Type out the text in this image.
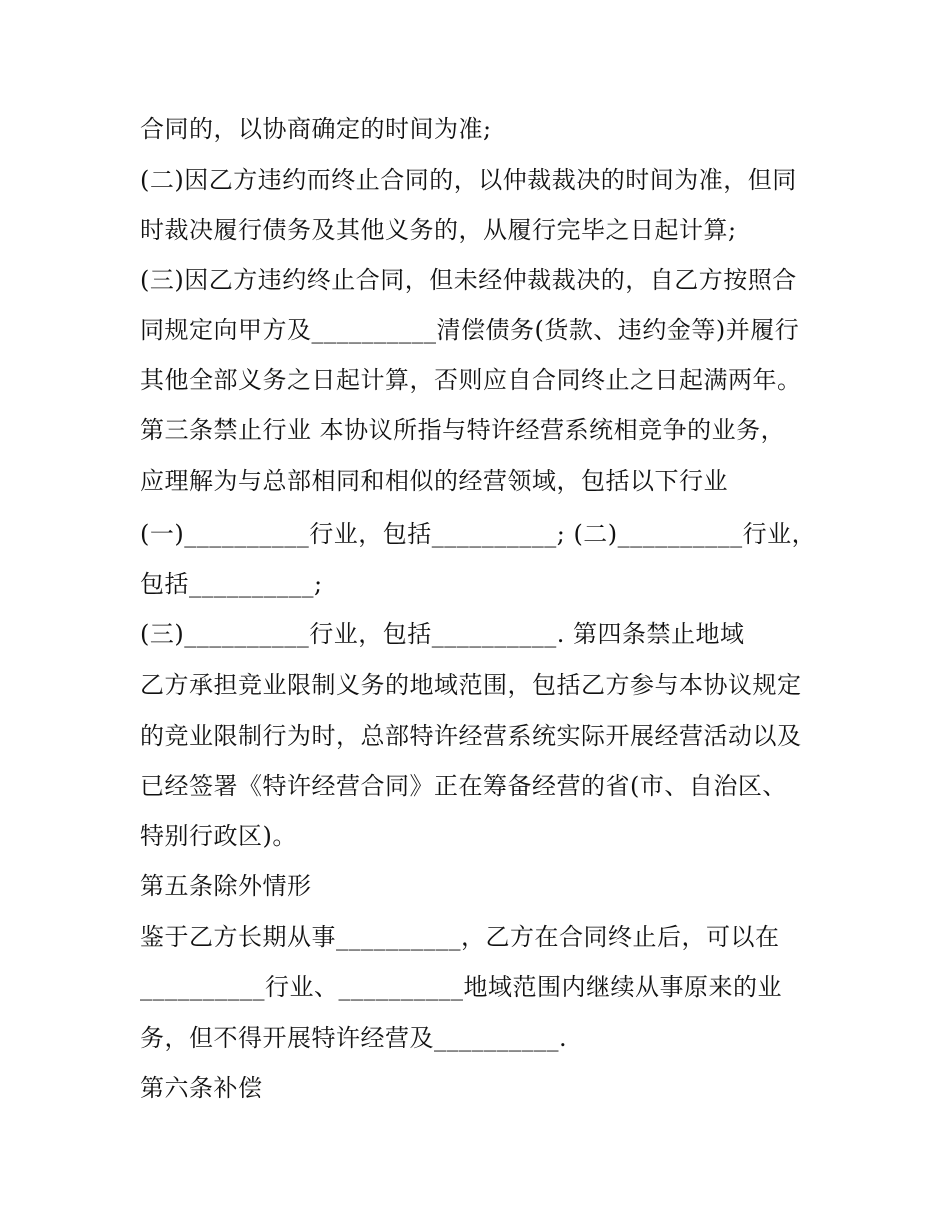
合同的，以协商确定的时间为准;
(二)因乙方违约而终止合同的，以仲裁裁决的时间为准，但同
时裁决履行债务及其他义务的，从履行完毕之日起计算;
(三)因乙方违约终止合同，但未经仲裁裁决的，自乙方按照合
同规定向甲方及__________清偿债务(货款、违约金等)并履行
其他全部义务之日起计算，否则应自合同终止之日起满两年。
第三条禁止行业 本协议所指与特许经营系统相竞争的业务，
应理解为与总部相同和相似的经营领域，包括以下行业
(一)__________行业，包括__________; (二)__________行业，
包括__________;
(三)__________行业，包括__________. 第四条禁止地域
乙方承担竞业限制义务的地域范围，包括乙方参与本协议规定
的竞业限制行为时，总部特许经营系统实际开展经营活动以及
已经签署《特许经营合同》正在筹备经营的省(市、自治区、
特别行政区)。
第五条除外情形
鉴于乙方长期从事__________，乙方在合同终止后，可以在
__________行业、__________地域范围内继续从事原来的业
务，但不得开展特许经营及__________.
第六条补偿
